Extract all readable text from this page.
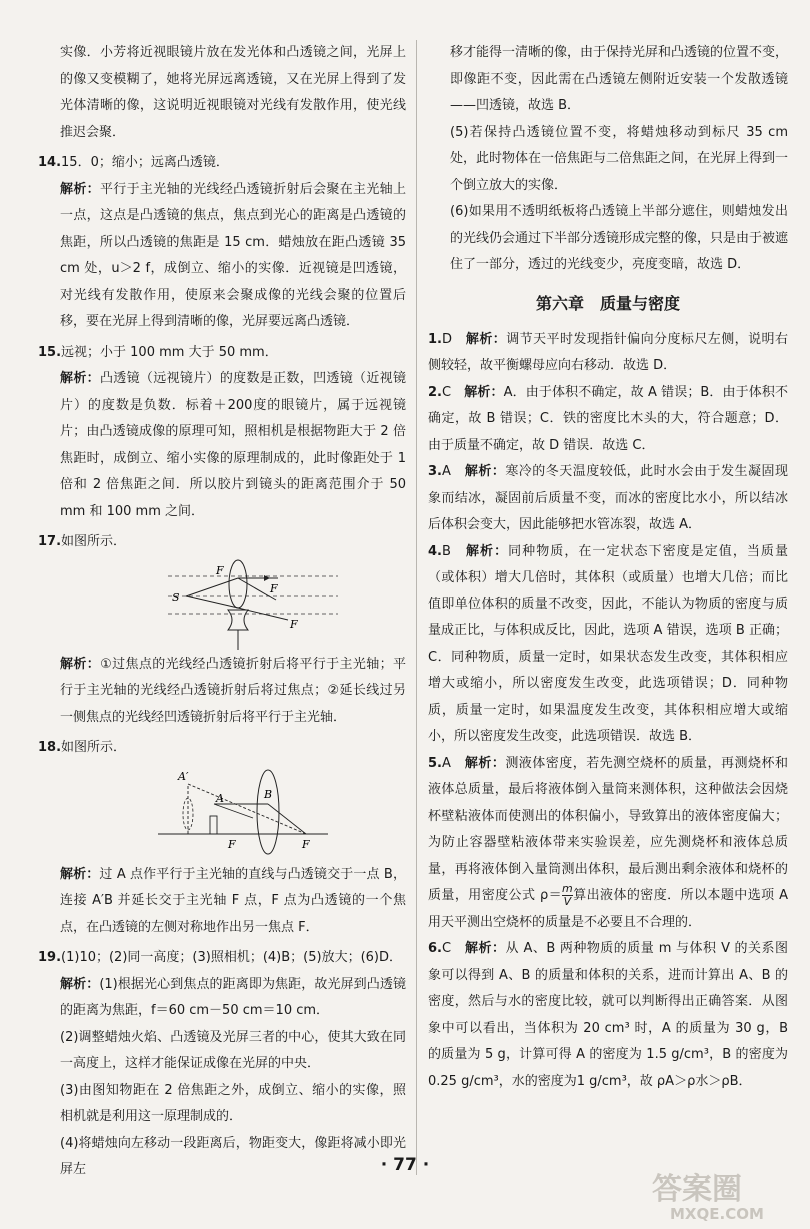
实像．小芳将近视眼镜片放在发光体和凸透镜之间，光屏上的像又变模糊了，她将光屏远离透镜，又在光屏上得到了发光体清晰的像，这说明近视眼镜对光线有发散作用，使光线推迟会聚．

14.15．0；缩小；远离凸透镜．

解析：平行于主光轴的光线经凸透镜折射后会聚在主光轴上一点，这点是凸透镜的焦点，焦点到光心的距离是凸透镜的焦距，所以凸透镜的焦距是 15 cm．蜡烛放在距凸透镜 35 cm 处，u＞2 f，成倒立、缩小的实像．近视镜是凹透镜，对光线有发散作用，使原来会聚成像的光线会聚的位置后移，要在光屏上得到清晰的像，光屏要远离凸透镜．

15.远视；小于 100 mm 大于 50 mm．

解析：凸透镜（远视镜片）的度数是正数，凹透镜（近视镜片）的度数是负数．标着＋200度的眼镜片，属于远视镜片；由凸透镜成像的原理可知，照相机是根据物距大于 2 倍焦距时，成倒立、缩小实像的原理制成的，此时像距处于 1 倍和 2 倍焦距之间．所以胶片到镜头的距离范围介于 50 mm 和 100 mm 之间．

17.如图所示．

S
F
F
F

解析：①过焦点的光线经凸透镜折射后将平行于主光轴；平行于主光轴的光线经凸透镜折射后将过焦点；②延长线过另一侧焦点的光线经凹透镜折射后将平行于主光轴．

18.如图所示．

A′
A	B
F	F

解析：过 A 点作平行于主光轴的直线与凸透镜交于一点 B，连接 A′B 并延长交于主光轴 F 点，F 点为凸透镜的一个焦点，在凸透镜的左侧对称地作出另一焦点 F．

19.(1)10；(2)同一高度；(3)照相机；(4)B；(5)放大；(6)D．

解析：(1)根据光心到焦点的距离即为焦距，故光屏到凸透镜的距离为焦距，f＝60 cm－50 cm＝10 cm．

(2)调整蜡烛火焰、凸透镜及光屏三者的中心，使其大致在同一高度上，这样才能保证成像在光屏的中央．

(3)由图知物距在 2 倍焦距之外，成倒立、缩小的实像，照相机就是利用这一原理制成的．

(4)将蜡烛向左移动一段距离后，物距变大，像距将减小即光屏左

移才能得一清晰的像，由于保持光屏和凸透镜的位置不变，即像距不变，因此需在凸透镜左侧附近安装一个发散透镜——凹透镜，故选 B．

(5)若保持凸透镜位置不变，将蜡烛移动到标尺 35 cm 处，此时物体在一倍焦距与二倍焦距之间，在光屏上得到一个倒立放大的实像．

(6)如果用不透明纸板将凸透镜上半部分遮住，则蜡烛发出的光线仍会通过下半部分透镜形成完整的像，只是由于被遮住了一部分，透过的光线变少，亮度变暗，故选 D．

第六章　质量与密度

1.D　 解析：调节天平时发现指针偏向分度标尺左侧，说明右侧较轻，故平衡螺母应向右移动．故选 D．

2.C　 解析：A．由于体积不确定，故 A 错误；B．由于体积不确定，故 B 错误；C．铁的密度比木头的大，符合题意；D．由于质量不确定，故 D 错误．故选 C．

3.A　 解析：寒冷的冬天温度较低，此时水会由于发生凝固现象而结冰，凝固前后质量不变，而冰的密度比水小，所以结冰后体积会变大，因此能够把水管冻裂，故选 A．

4.B　 解析：同种物质，在一定状态下密度是定值，当质量（或体积）增大几倍时，其体积（或质量）也增大几倍；而比值即单位体积的质量不改变，因此，不能认为物质的密度与质量成正比，与体积成反比，因此，选项 A 错误，选项 B 正确；C．同种物质，质量一定时，如果状态发生改变，其体积相应增大或缩小，所以密度发生改变，此选项错误；D．同种物质，质量一定时，如果温度发生改变，其体积相应增大或缩小，所以密度发生改变，此选项错误．故选 B．

5.A　 解析：测液体密度，若先测空烧杯的质量，再测烧杯和液体总质量，最后将液体倒入量筒来测体积，这种做法会因烧杯壁粘液体而使测出的体积偏小，导致算出的液体密度偏大；为防止容器壁粘液体带来实验误差，应先测烧杯和液体总质量，再将液体倒入量筒测出体积，最后测出剩余液体和烧杯的质量，用密度公式 $\rho= \frac{m}{V}$ 算出液体的密度．所以本题中选项 A 用天平测出空烧杯的质量是不必要且不合理的．

6.C　 解析：从 A、B 两种物质的质量 m 与体积 V 的关系图象可以得到 A、B 的质量和体积的关系，进而计算出 A、B 的密度，然后与水的密度比较，就可以判断得出正确答案．从图象中可以看出，当体积为 20 cm³ 时，A 的质量为 30 g，B 的质量为 5 g，计算可得 A 的密度为 1.5 g/cm³，B 的密度为 0.25 g/cm³，水的密度为1 g/cm³，故 ρA＞ρ水＞ρB．

· 77 ·
答案圈
MXQE.COM
